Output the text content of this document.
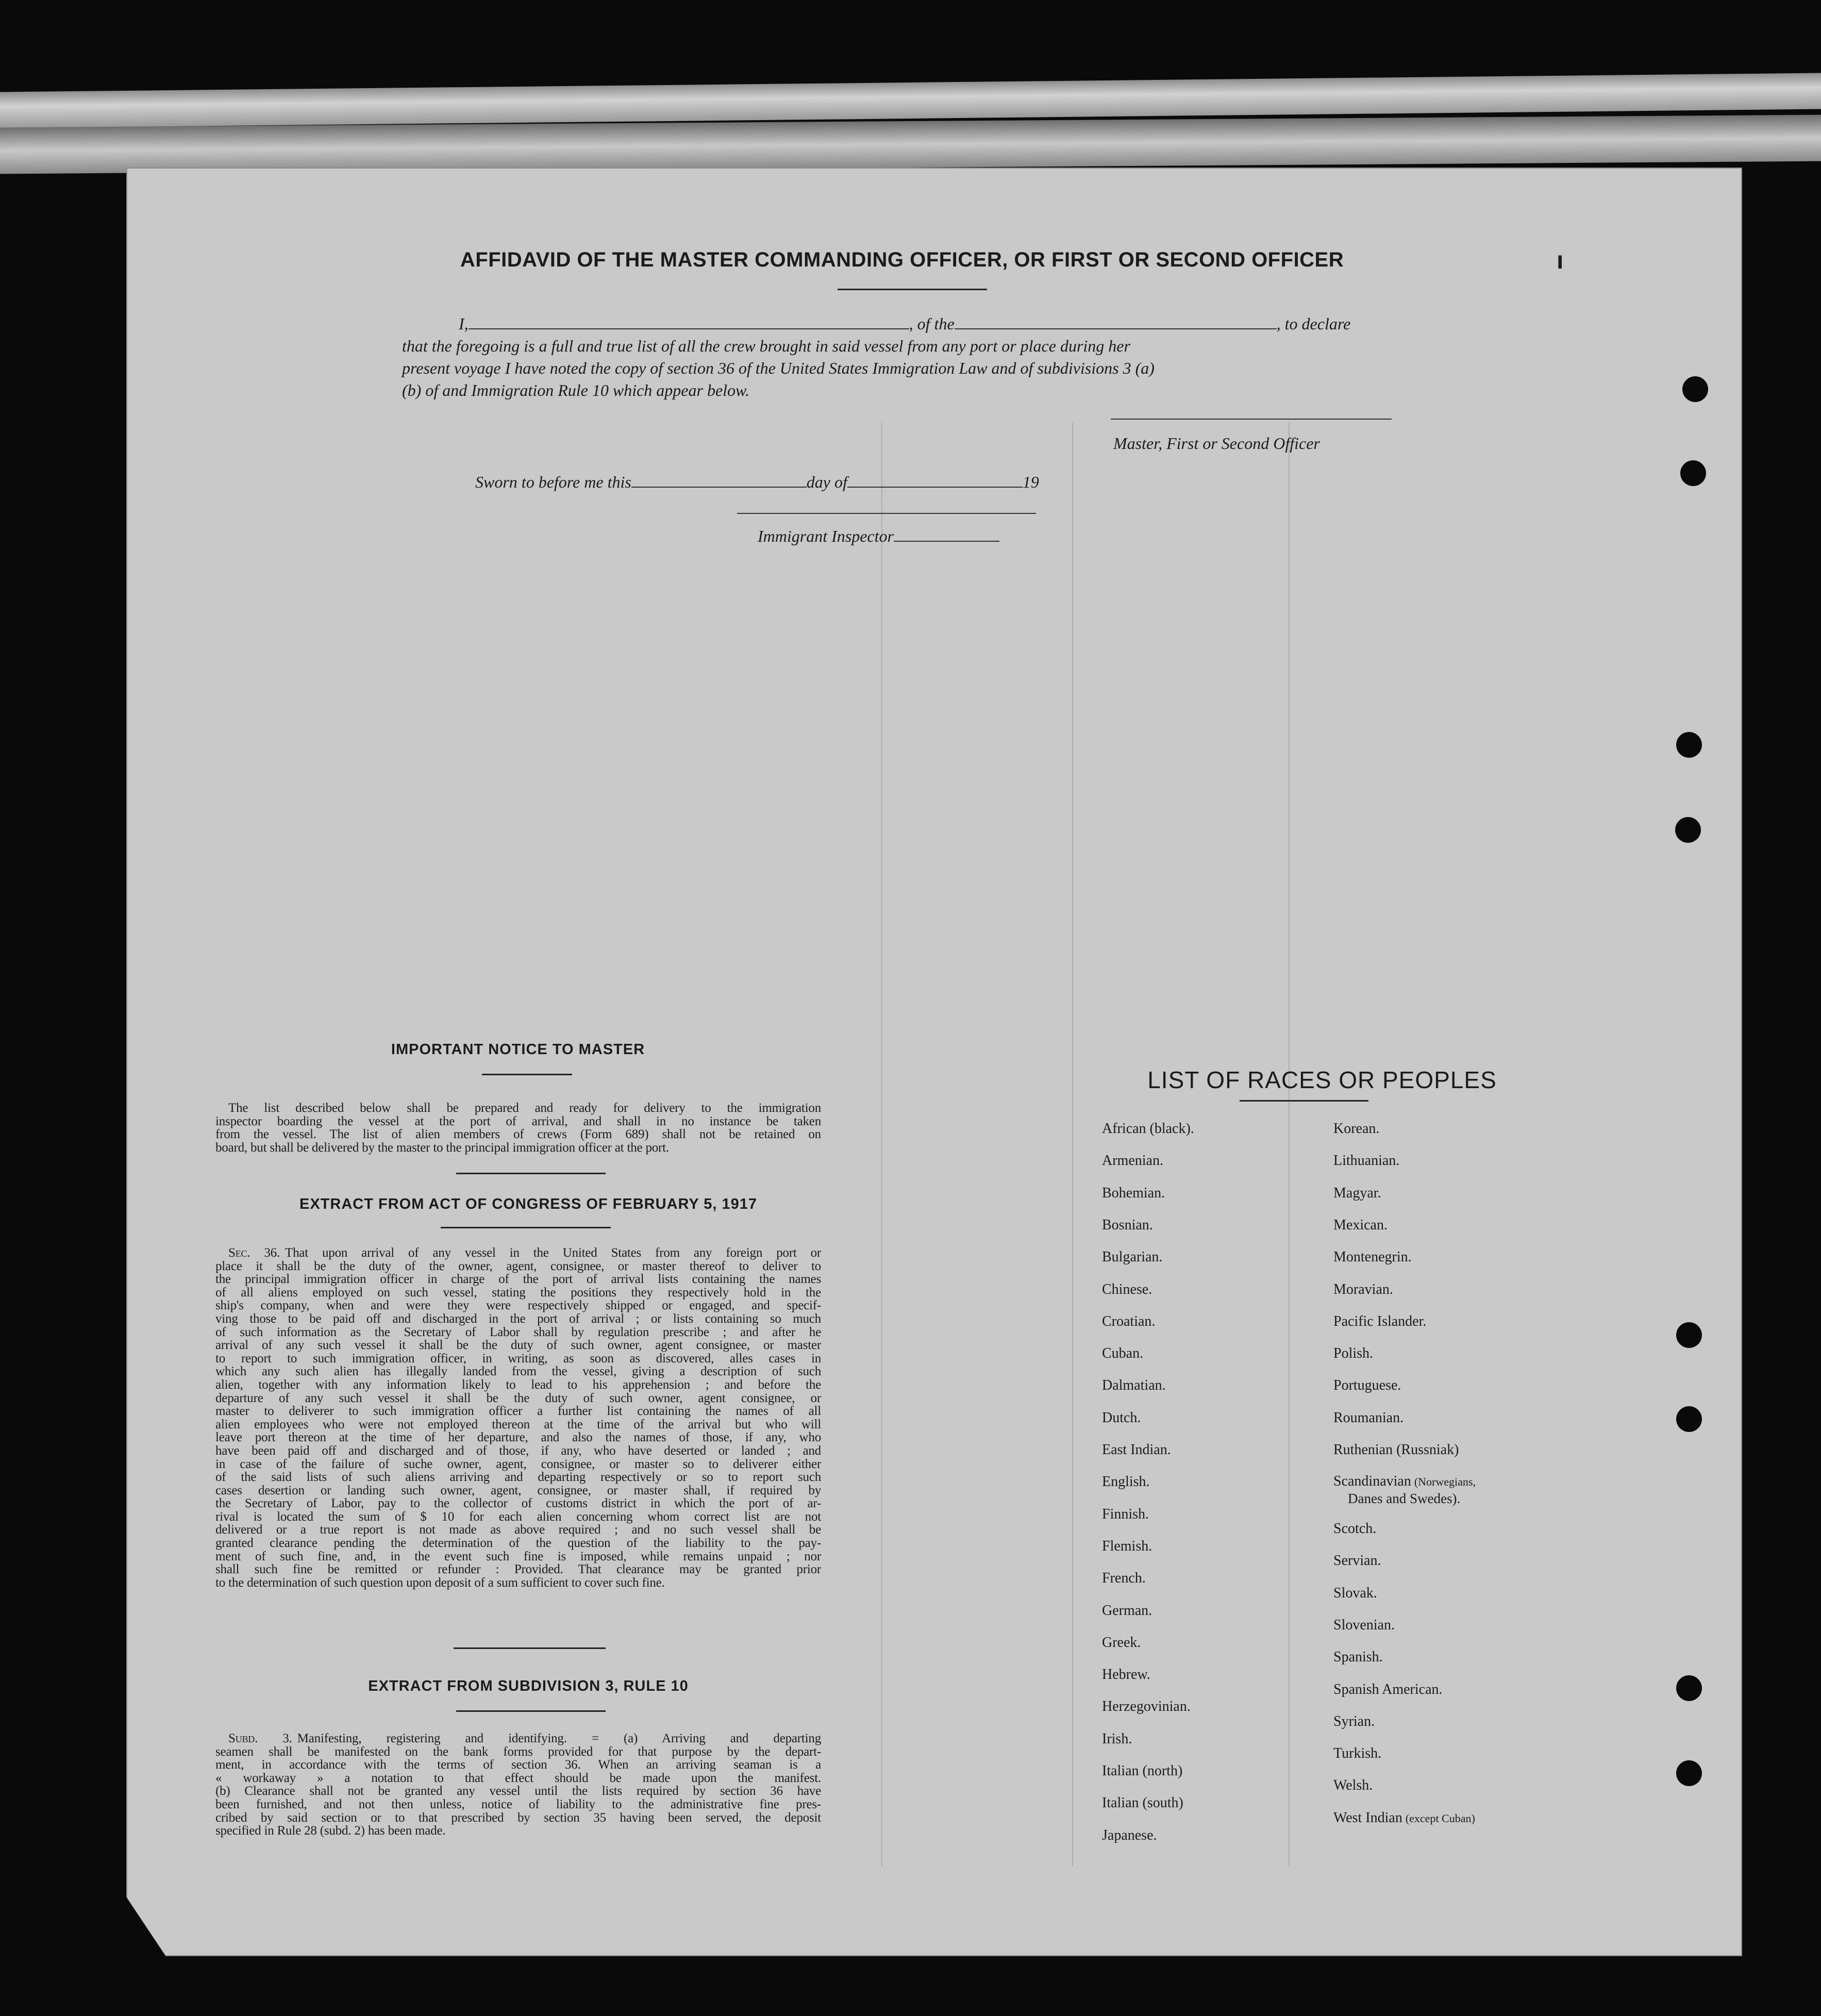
AFFIDAVID OF THE MASTER COMMANDING OFFICER, OR FIRST OR SECOND OFFICER	ı
I,	, of the	, to declare
that the foregoing is a full and true list of all the crew brought in said vessel from any port or place during her
present voyage I have noted the copy of section 36 of the United States Immigration Law and of subdivisions 3 (a)
(b) of and Immigration Rule 10 which appear below.
Master, First or Second Officer
Sworn to before me this	day of	19
Immigrant Inspector
IMPORTANT NOTICE TO MASTER
The list described below shall be prepared and ready for delivery to the immigration
inspector boarding the vessel at the port of arrival, and shall in no instance be taken
from the vessel. The list of alien members of crews (Form 689) shall not be retained on
board, but shall be delivered by the master to the principal immigration officer at the port.
EXTRACT FROM ACT OF CONGRESS OF FEBRUARY 5, 1917
Sec. 36. That upon arrival of any vessel in the United States from any foreign port or
place it shall be the duty of the owner, agent, consignee, or master thereof to deliver to
the principal immigration officer in charge of the port of arrival lists containing the names
of all aliens employed on such vessel, stating the positions they respectively hold in the
ship's company, when and were they were respectively shipped or engaged, and specif-
ving those to be paid off and discharged in the port of arrival ; or lists containing so much
of such information as the Secretary of Labor shall by regulation prescribe ; and after he
arrival of any such vessel it shall be the duty of such owner, agent consignee, or master
to report to such immigration officer, in writing, as soon as discovered, alles cases in
which any such alien has illegally landed from the vessel, giving a description of such
alien, together with any information likely to lead to his apprehension ; and before the
departure of any such vessel it shall be the duty of such owner, agent consignee, or
master to deliverer to such immigration officer a further list containing the names of all
alien employees who were not employed thereon at the time of the arrival but who will
leave port thereon at the time of her departure, and also the names of those, if any, who
have been paid off and discharged and of those, if any, who have deserted or landed ; and
in case of the failure of suche owner, agent, consignee, or master so to deliverer either
of the said lists of such aliens arriving and departing respectively or so to report such
cases desertion or landing such owner, agent, consignee, or master shall, if required by
the Secretary of Labor, pay to the collector of customs district in which the port of ar-
rival is located the sum of $ 10 for each alien concerning whom correct list are not
delivered or a true report is not made as above required ; and no such vessel shall be
granted clearance pending the determination of the question of the liability to the pay-
ment of such fine, and, in the event such fine is imposed, while remains unpaid ; nor
shall such fine be remitted or refunder : Provided. That clearance may be granted prior
to the determination of such question upon deposit of a sum sufficient to cover such fine.
EXTRACT FROM SUBDIVISION 3, RULE 10
Subd. 3. Manifesting, registering and identifying. = (a) Arriving and departing
seamen shall be manifested on the bank forms provided for that purpose by the depart-
ment, in accordance with the terms of section 36. When an arriving seaman is a
« workaway » a notation to that effect should be made upon the manifest.
(b) Clearance shall not be granted any vessel until the lists required by section 36 have
been furnished, and not then unless, notice of liability to the administrative fine pres-
cribed by said section or to that prescribed by section 35 having been served, the deposit
specified in Rule 28 (subd. 2) has been made.
LIST OF RACES OR PEOPLES
African (black).
Armenian.
Bohemian.
Bosnian.
Bulgarian.
Chinese.
Croatian.
Cuban.
Dalmatian.
Dutch.
East Indian.
English.
Finnish.
Flemish.
French.
German.
Greek.
Hebrew.
Herzegovinian.
Irish.
Italian (north)
Italian (south)
Japanese.
Korean.
Lithuanian.
Magyar.
Mexican.
Montenegrin.
Moravian.
Pacific Islander.
Polish.
Portuguese.
Roumanian.
Ruthenian (Russniak)
Scandinavian (Norwegians,
Danes and Swedes).
Scotch.
Servian.
Slovak.
Slovenian.
Spanish.
Spanish American.
Syrian.
Turkish.
Welsh.
West Indian (except Cuban)
